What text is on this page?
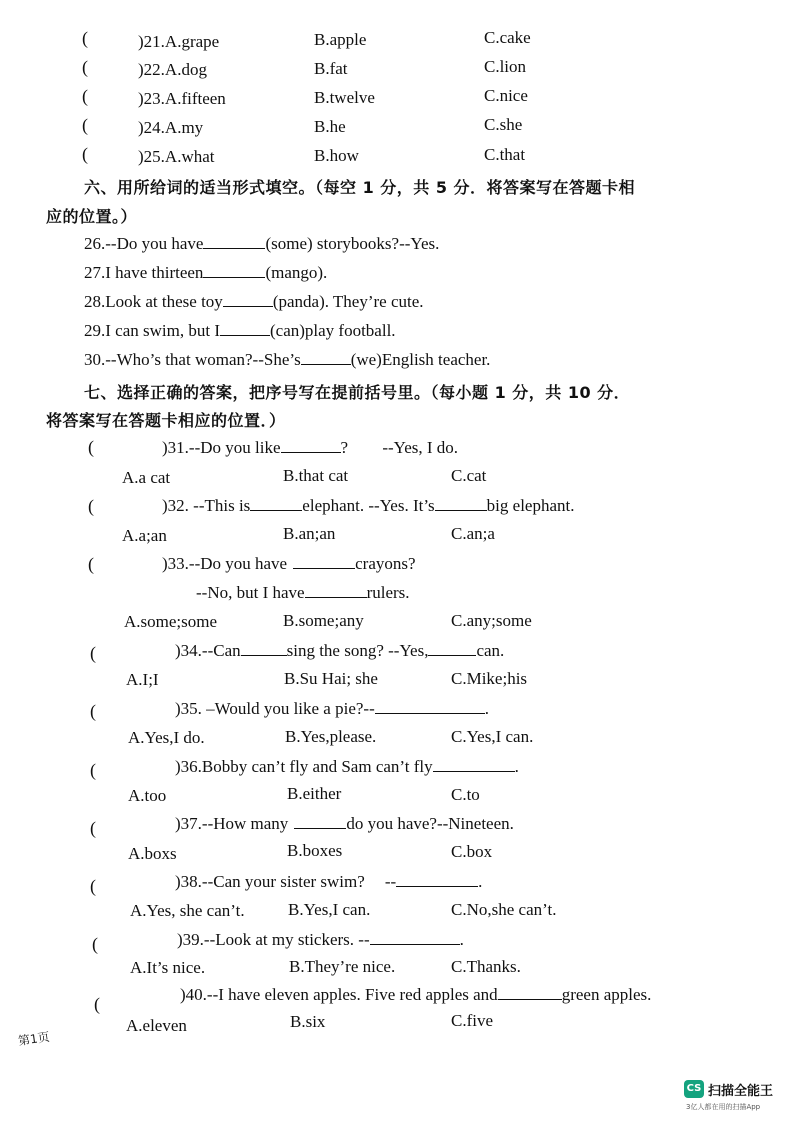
(	)21.A.grape	B.apple	C.cake
(	)22.A.dog	B.fat	C.lion
(	)23.A.fifteen	B.twelve	C.nice
(	)24.A.my	B.he	C.she
(	)25.A.what	B.how	C.that
六、用所给词的适当形式填空。（每空 1 分，共 5 分．将答案写在答题卡相
应的位置。）
26.--Do you have	(some) storybooks?--Yes.
27.I have thirteen	(mango).
28.Look at these toy	(panda). They’re cute.
29.I can swim, but I	(can)play football.
30.--Who’s that woman?--She’s	(we)English teacher.
七、选择正确的答案，把序号写在提前括号里。（每小题 1 分，共 10 分．
将答案写在答题卡相应的位置．）
(	)31.--Do you like	? --Yes, I do.
A.a cat	B.that cat	C.cat
(	)32. --This is	elephant. --Yes. It’s	big elephant.
A.a;an	B.an;an	C.an;a
(	)33.--Do you have	crayons?
--No, but I have	rulers.
A.some;some	B.some;any	C.any;some
(	)34.--Can	sing the song? --Yes,	can.
A.I;I	B.Su Hai; she	C.Mike;his
(	)35. –Would you like a pie?--	.
A.Yes,I do.	B.Yes,please.	C.Yes,I can.
(	)36.Bobby can’t fly and Sam can’t fly	.
A.too	B.either	C.to
(	)37.--How many	do you have?--Nineteen.
A.boxs	B.boxes	C.box
(	)38.--Can your sister swim? --	.
A.Yes, she can’t.	B.Yes,I can.	C.No,she can’t.
(	)39.--Look at my stickers. --	.
A.It’s nice.	B.They’re nice.	C.Thanks.
(	)40.--I have eleven apples. Five red apples and	green apples.
A.eleven	B.six	C.five
第1页
CS 扫描全能王
3亿人都在用的扫描App
